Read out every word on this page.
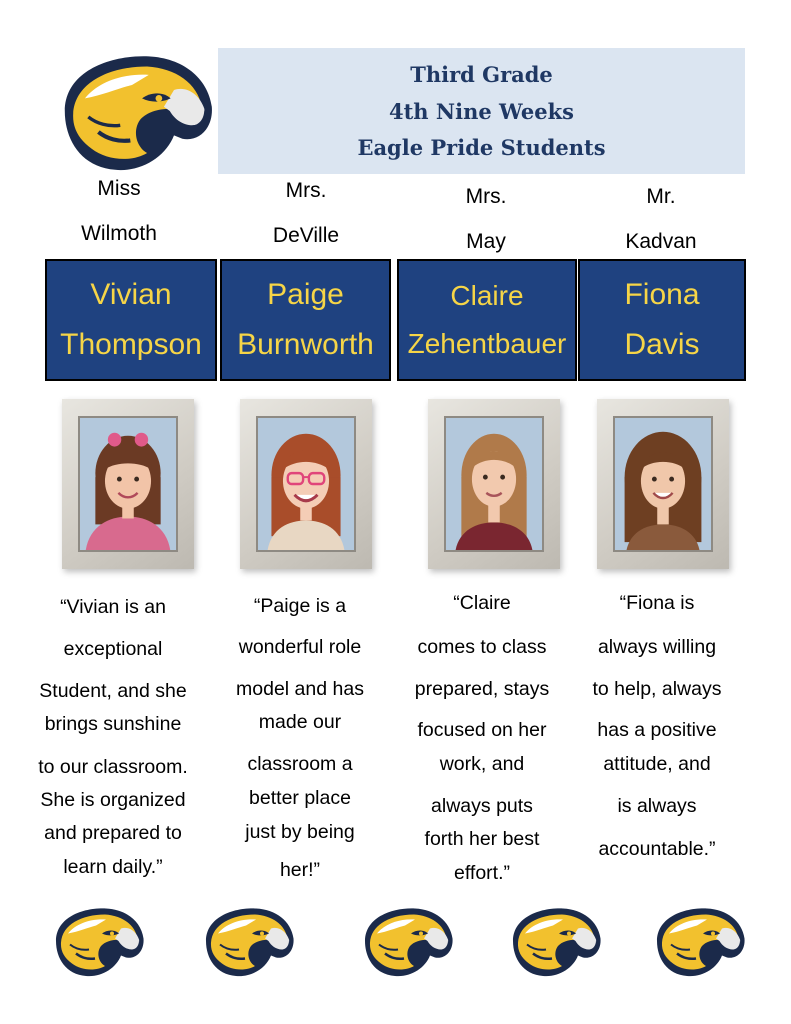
Third Grade
4th Nine Weeks
Eagle Pride Students
Miss
Wilmoth
Mrs.
DeVille
Mrs.
May
Mr.
Kadvan
Vivian
Thompson
Paige
Burnworth
Claire
Zehentbauer
Fiona
Davis
“Vivian is an
exceptional
Student, and she
brings sunshine
to our classroom.
She is organized
and prepared to
learn daily.”
“Paige is a
wonderful role
model and has
made our
classroom a
better place
just by being
her!”
“Claire
comes to class
prepared, stays
focused on her
work, and
always puts
forth her best
effort.”
“Fiona is
always willing
to help, always
has a positive
attitude, and
is always
accountable.”
